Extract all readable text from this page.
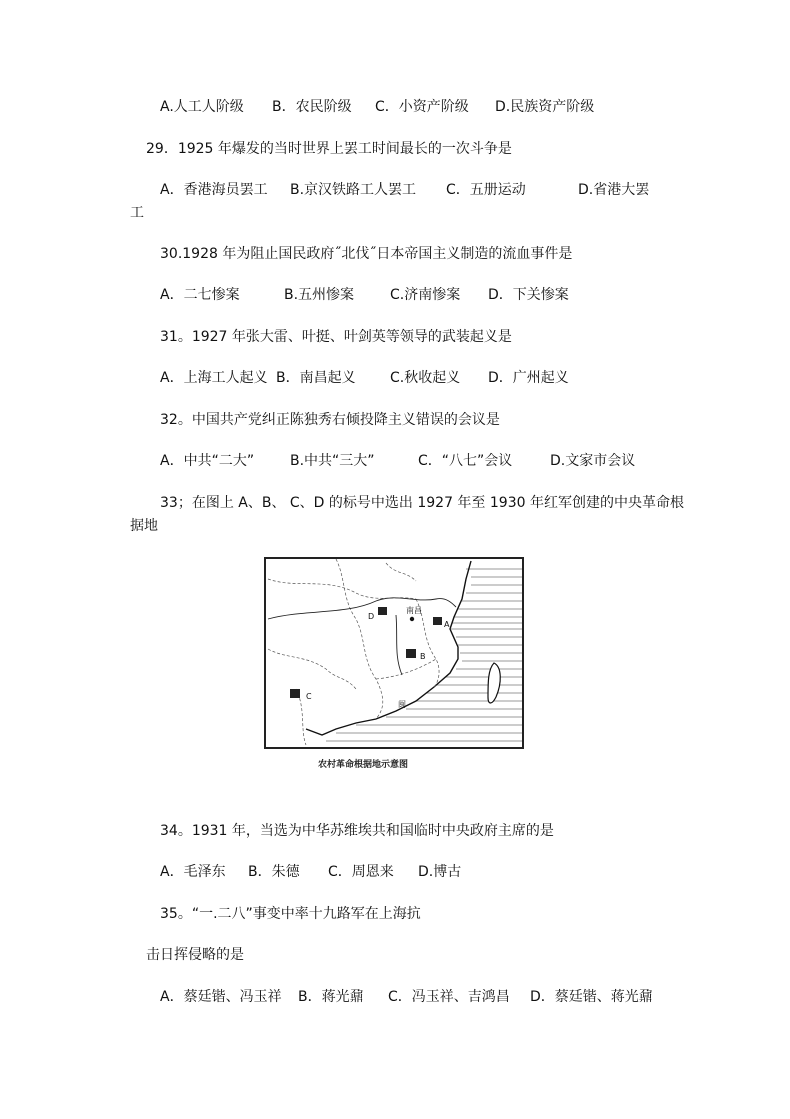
A.人工人阶级 B．农民阶级 C．小资产阶级 D.民族资产阶级
29．1925 年爆发的当时世界上罢工时间最长的一次斗争是
A．香港海员罢工 B.京汉铁路工人罢工 C．五册运动	D.省港大罢
工
30.1928 年为阻止国民政府˝北伐˝日本帝国主义制造的流血事件是
A．二七惨案	B.五州惨案	C.济南惨案 D．下关惨案
31。1927 年张大雷、叶挺、叶剑英等领导的武装起义是
A．上海工人起义 B．南昌起义 C.秋收起义 D．广州起义
32。中国共产党纠正陈独秀右倾投降主义错误的会议是
A．中共“二大”	B.中共“三大”	C．“八七”会议	D.文家市会议
33；在图上 A、B、 C、D 的标号中选出 1927 年至 1930 年红军创建的中央革命根
据地
南昌
D
A
B
C
闽
农村革命根据地示意图
34。1931 年，当选为中华苏维埃共和国临时中央政府主席的是
A．毛泽东 B．朱德 C．周恩来 D.博古
35。“一.二八”事变中率十九路军在上海抗
击日挥侵略的是
A．蔡廷锴、冯玉祥 B．蒋光鼐 C．冯玉祥、吉鸿昌 D．蔡廷锴、蒋光鼐
